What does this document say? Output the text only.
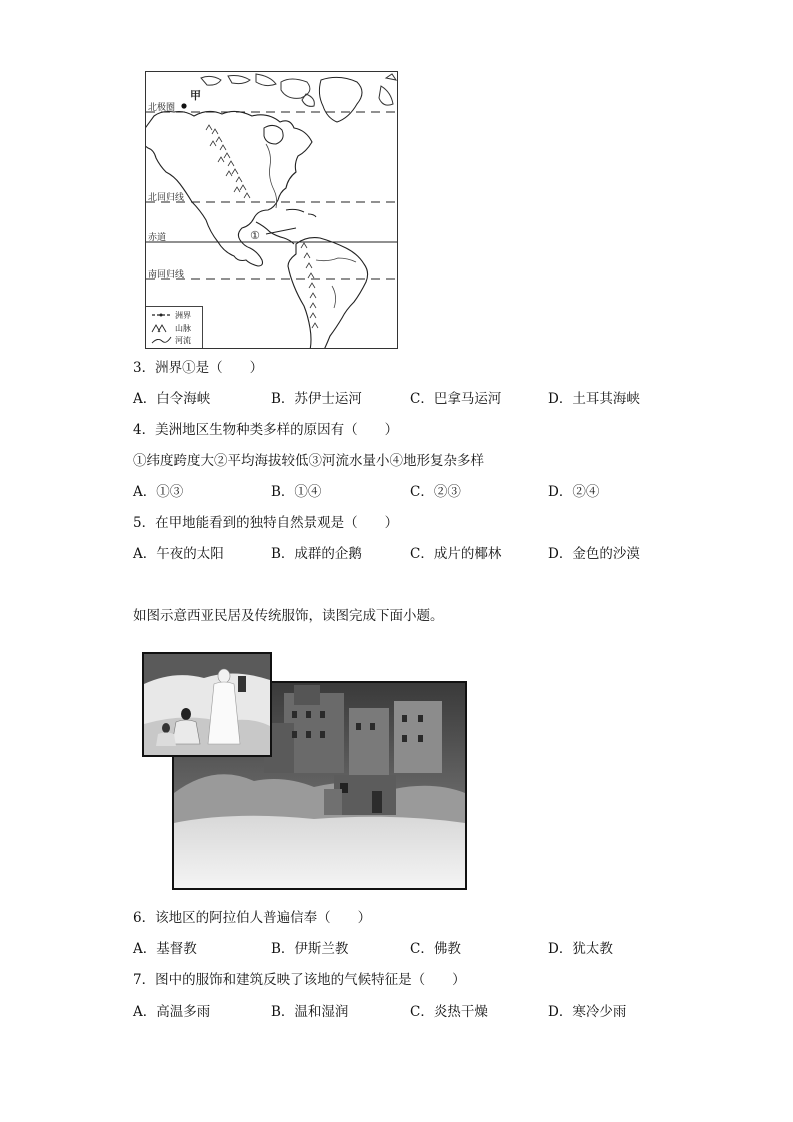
甲
北极圈
北回归线
赤道
南回归线
①
洲界
山脉
河流
3．洲界①是（　　）
A．白令海峡	B．苏伊士运河	C．巴拿马运河	D．土耳其海峡
4．美洲地区生物种类多样的原因有（　　）
①纬度跨度大②平均海拔较低③河流水量小④地形复杂多样
A．①③	B．①④	C．②③	D．②④
5．在甲地能看到的独特自然景观是（　　）
A．午夜的太阳	B．成群的企鹅	C．成片的椰林	D．金色的沙漠
如图示意西亚民居及传统服饰，读图完成下面小题。
6．该地区的阿拉伯人普遍信奉（　　）
A．基督教	B．伊斯兰教	C．佛教	D．犹太教
7．图中的服饰和建筑反映了该地的气候特征是（　　）
A．高温多雨	B．温和湿润	C．炎热干燥	D．寒冷少雨
